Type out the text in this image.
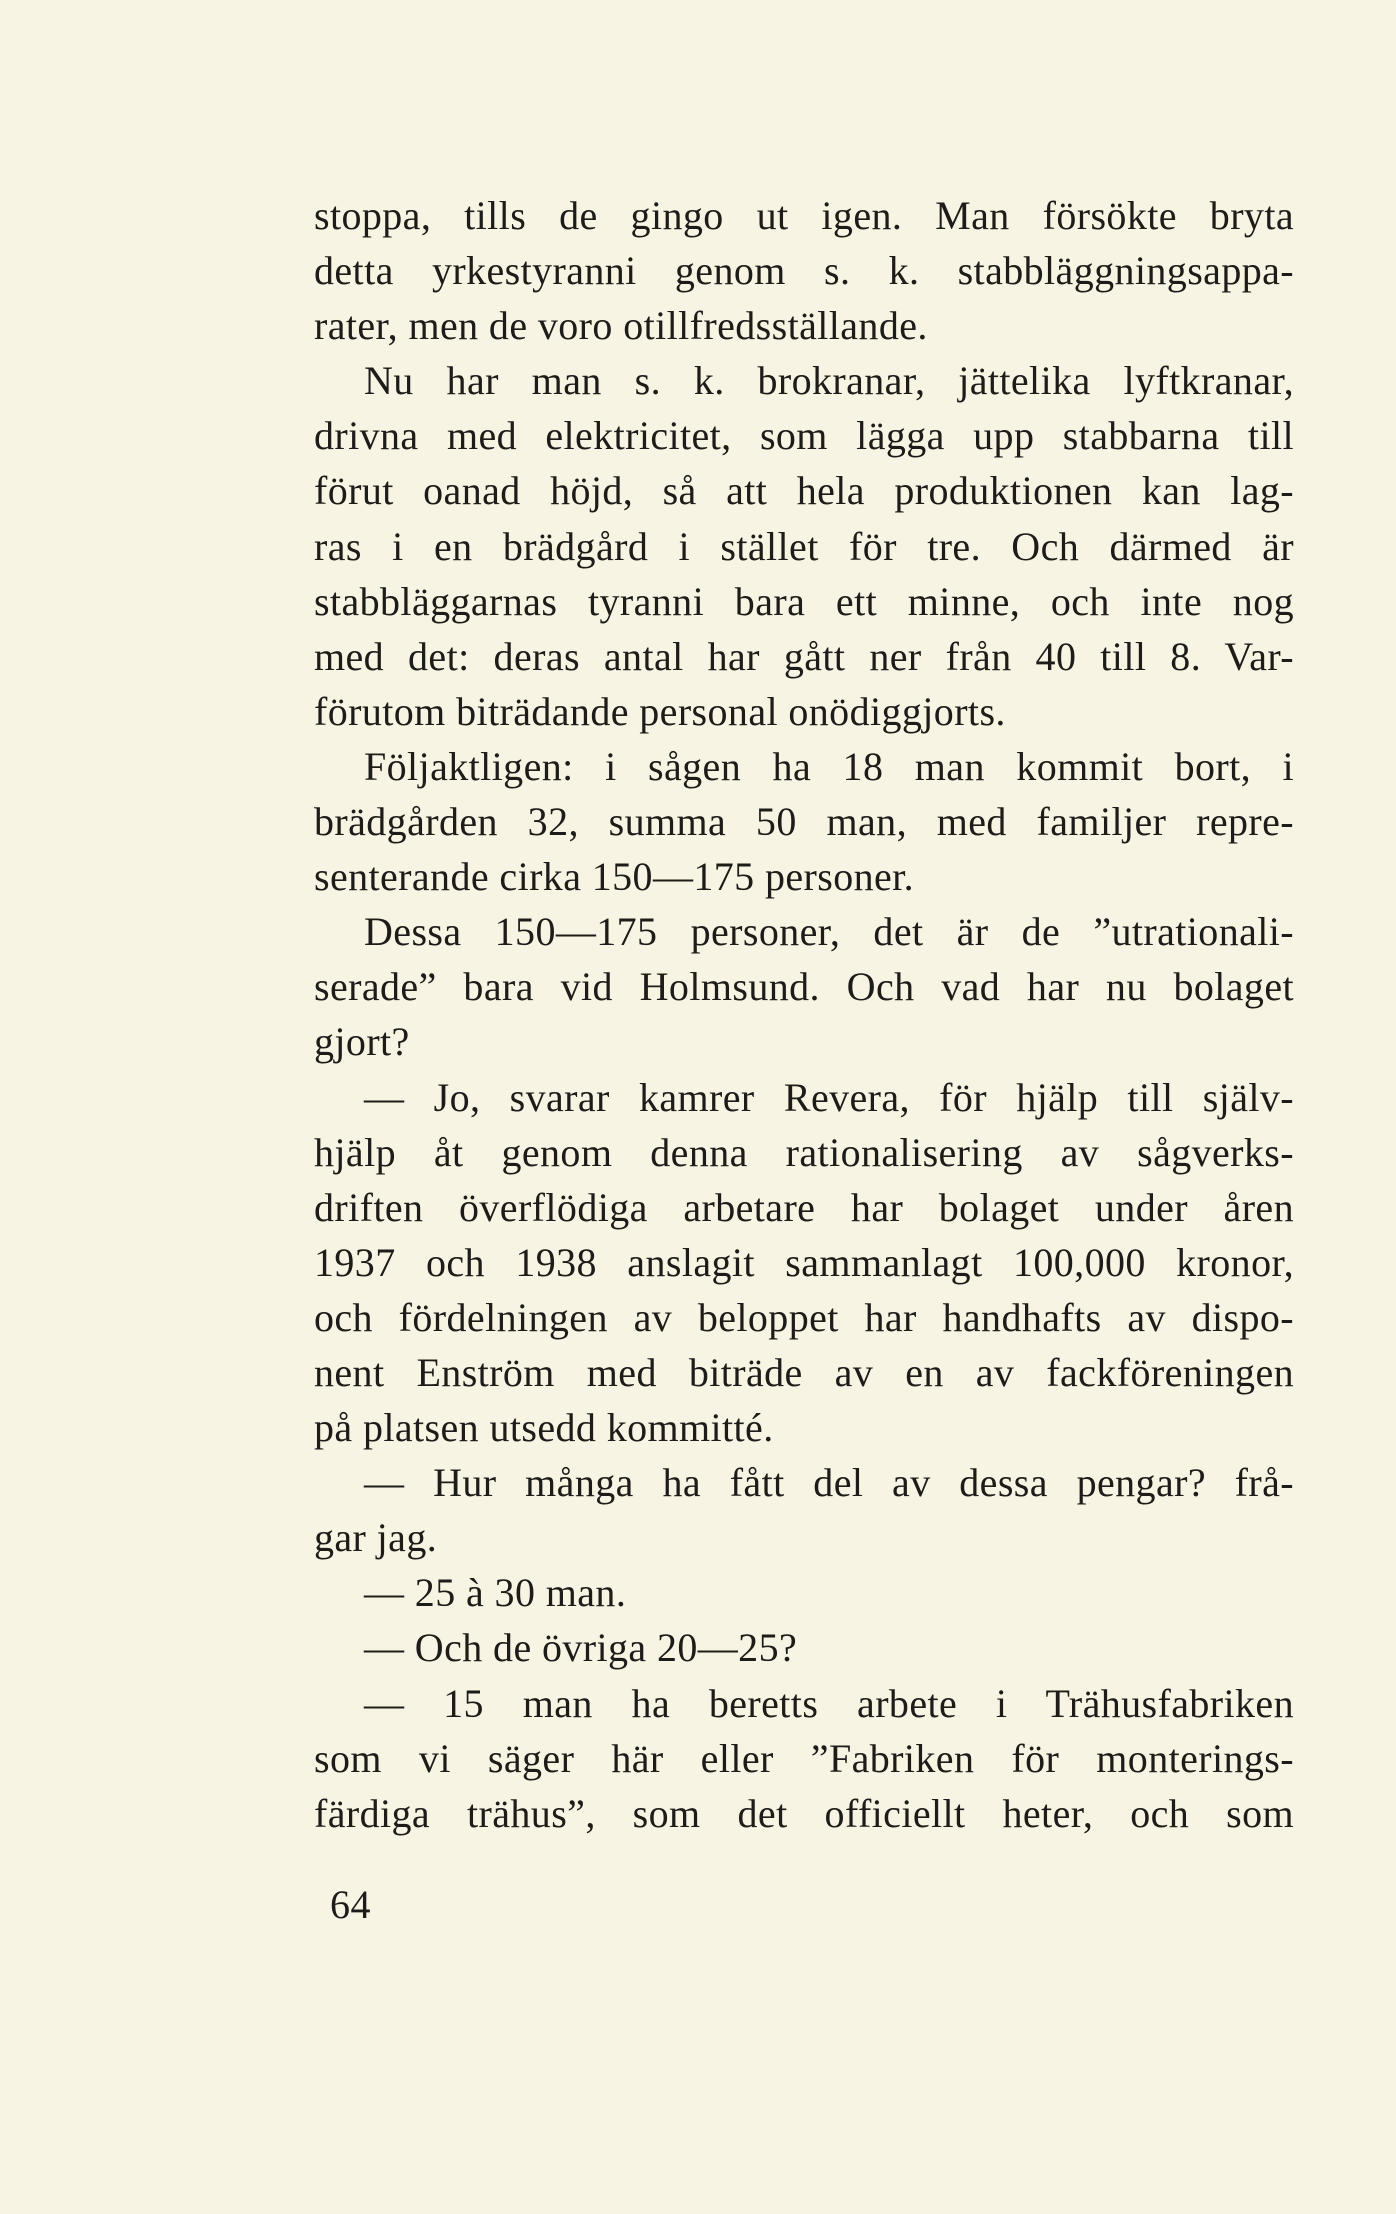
stoppa, tills de gingo ut igen. Man försökte bryta
detta yrkestyranni genom s. k. stabbläggningsappa-
rater, men de voro otillfredsställande.
Nu har man s. k. brokranar, jättelika lyftkranar,
drivna med elektricitet, som lägga upp stabbarna till
förut oanad höjd, så att hela produktionen kan lag-
ras i en brädgård i stället för tre. Och därmed är
stabbläggarnas tyranni bara ett minne, och inte nog
med det: deras antal har gått ner från 40 till 8. Var-
förutom biträdande personal onödiggjorts.
Följaktligen: i sågen ha 18 man kommit bort, i
brädgården 32, summa 50 man, med familjer repre-
senterande cirka 150—175 personer.
Dessa 150—175 personer, det är de ”utrationali-
serade” bara vid Holmsund. Och vad har nu bolaget
gjort?
— Jo, svarar kamrer Revera, för hjälp till själv-
hjälp åt genom denna rationalisering av sågverks-
driften överflödiga arbetare har bolaget under åren
1937 och 1938 anslagit sammanlagt 100,000 kronor,
och fördelningen av beloppet har handhafts av dispo-
nent Enström med biträde av en av fackföreningen
på platsen utsedd kommitté.
— Hur många ha fått del av dessa pengar? frå-
gar jag.
— 25 à 30 man.
— Och de övriga 20—25?
— 15 man ha beretts arbete i Trähusfabriken
som vi säger här eller ”Fabriken för monterings-
färdiga trähus”, som det officiellt heter, och som
64
